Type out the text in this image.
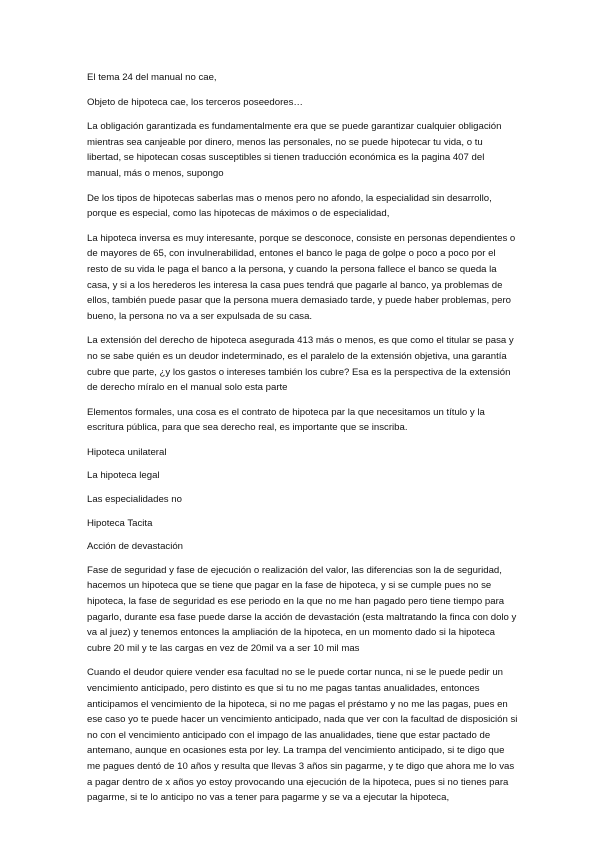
El tema 24 del manual no cae,

Objeto de hipoteca cae, los terceros poseedores…

La obligación garantizada es fundamentalmente era que se puede garantizar cualquier obligación mientras sea canjeable por dinero, menos las personales, no se puede hipotecar tu vida, o tu libertad, se hipotecan cosas susceptibles si tienen traducción económica es la pagina 407 del manual, más o menos, supongo

De los tipos de hipotecas saberlas mas o menos pero no afondo, la especialidad sin desarrollo, porque es especial, como las hipotecas de máximos o de especialidad,

La hipoteca inversa es muy interesante, porque se desconoce, consiste en personas dependientes o de mayores de 65, con invulnerabilidad, entones el banco le paga de golpe o poco a poco por el resto de su vida le paga el banco a la persona, y cuando la persona fallece el banco se queda la casa, y si a los herederos les interesa la casa pues tendrá que pagarle al banco, ya problemas de ellos, también puede pasar que la persona muera demasiado tarde, y puede haber problemas, pero bueno, la persona no va a ser expulsada de su casa.

La extensión del derecho de hipoteca asegurada 413 más o menos, es que como el titular se pasa y no se sabe quién es un deudor indeterminado, es el paralelo de la extensión objetiva, una garantía cubre que parte, ¿y los gastos o intereses también los cubre? Esa es la perspectiva de la extensión de derecho míralo en el manual solo esta parte

Elementos formales, una cosa es el contrato de hipoteca par la que necesitamos un título y la escritura pública, para que sea derecho real, es importante que se inscriba.

Hipoteca unilateral

La hipoteca legal

Las especialidades no

Hipoteca Tacita

Acción de devastación

Fase de seguridad y fase de ejecución o realización del valor, las diferencias son la de seguridad, hacemos un hipoteca que se tiene que pagar en la fase de hipoteca, y si se cumple pues no se hipoteca, la fase de seguridad es ese periodo en la que no me han pagado pero tiene tiempo para pagarlo, durante esa fase puede darse la acción de devastación (esta maltratando la finca con dolo y va al juez) y tenemos entonces la ampliación de la hipoteca, en un momento dado si la hipoteca cubre 20 mil y te las cargas en vez de 20mil va a ser 10 mil mas

Cuando el deudor quiere vender esa facultad no se le puede cortar nunca, ni se le puede pedir un vencimiento anticipado, pero distinto es que si tu no me pagas tantas anualidades, entonces anticipamos el vencimiento de la hipoteca, si no me pagas el préstamo y no me las pagas, pues en ese caso yo te puede hacer un vencimiento anticipado, nada que ver con la facultad de disposición si no con el vencimiento anticipado con el impago de las anualidades, tiene que estar pactado de antemano, aunque en ocasiones esta por ley. La trampa del vencimiento anticipado, si te digo que me pagues dentó de 10 años y resulta que llevas 3 años sin pagarme, y te digo que ahora me lo vas a pagar dentro de x años yo estoy provocando una ejecución de la hipoteca, pues si no tienes para pagarme, si te lo anticipo no vas a tener para pagarme y se va a ejecutar la hipoteca,
